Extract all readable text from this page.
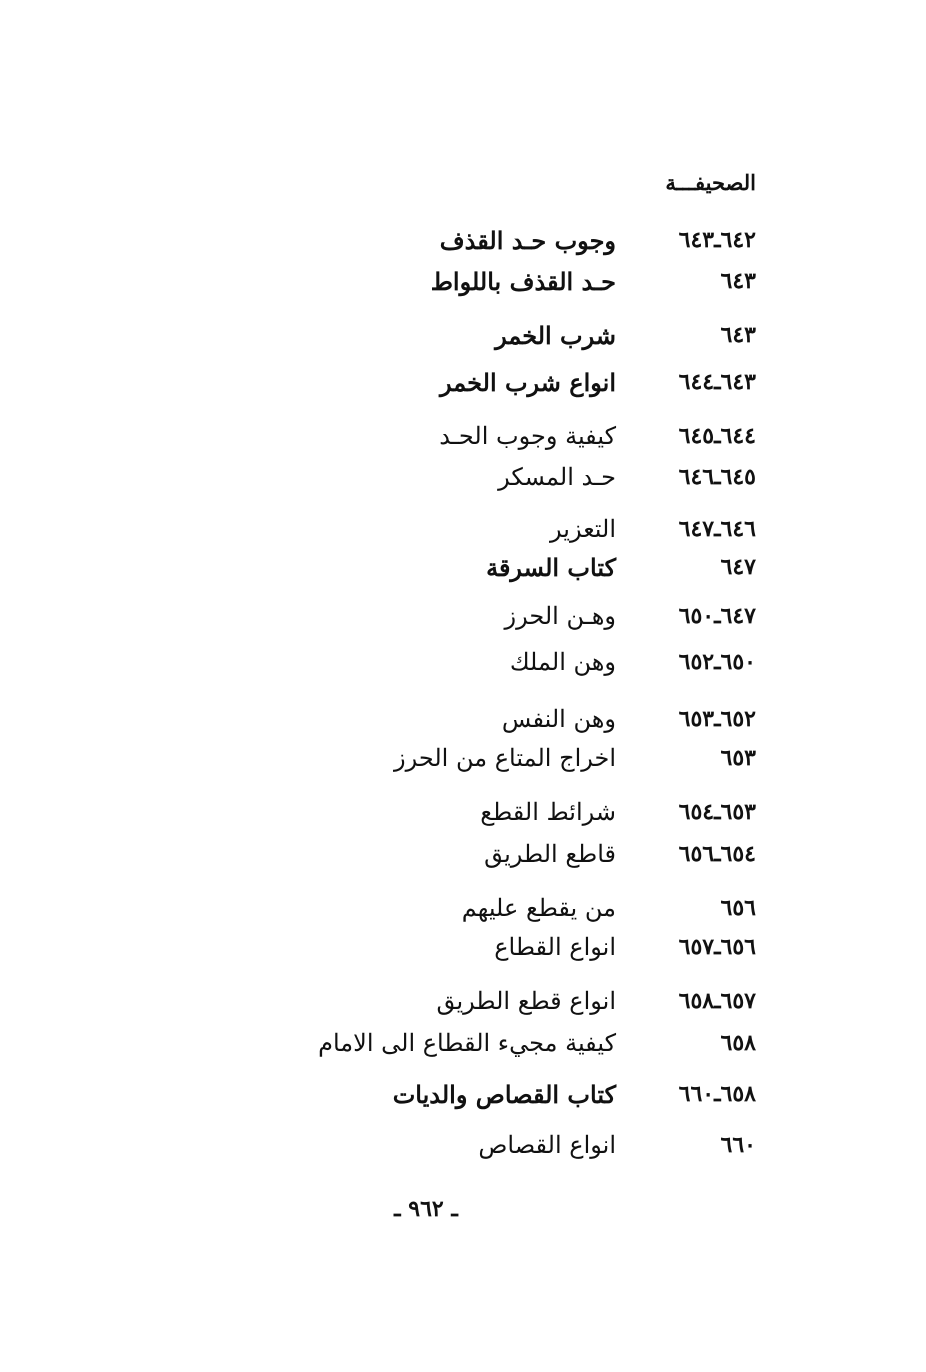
الصحيفـــة
٦٤٢ـ٦٤٣
وجوب حـد القذف
٦٤٣
حـد القذف باللواط
٦٤٣
شرب الخمر
٦٤٣ـ٦٤٤
انواع شرب الخمر
٦٤٤ـ٦٤٥
كيفية وجوب الحـد
٦٤٥ـ٦٤٦
حـد المسكر
٦٤٦ـ٦٤٧
التعزير
٦٤٧
كتاب السرقة
٦٤٧ـ٦٥٠
وهـن الحرز
٦٥٠ـ٦٥٢
وهن الملك
٦٥٢ـ٦٥٣
وهن النفس
٦٥٣
اخراج المتاع من الحرز
٦٥٣ـ٦٥٤
شرائط القطع
٦٥٤ـ٦٥٦
قاطع الطريق
٦٥٦
من يقطع عليهم
٦٥٦ـ٦٥٧
انواع القطاع
٦٥٧ـ٦٥٨
انواع قطع الطريق
٦٥٨
كيفية مجيء القطاع الى الامام
٦٥٨ـ٦٦٠
كتاب القصاص والديات
٦٦٠
انواع القصاص
ـ ٩٦٢ ـ
